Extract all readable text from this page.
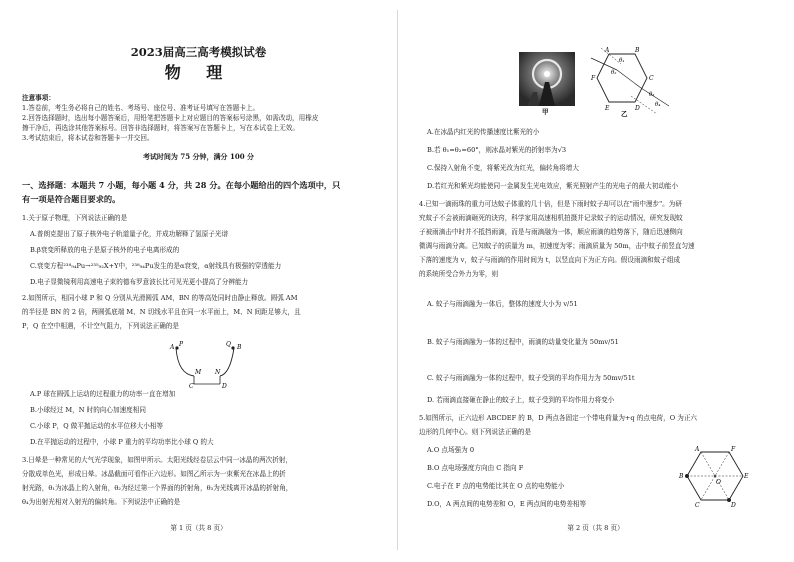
2023届高三高考模拟试卷
物 理
注意事项：
1.答卷前，考生务必将自己的姓名、考场号、座位号、准考证号填写在答题卡上。
2.回答选择题时，选出每小题答案后，用铅笔把答题卡上对应题目的答案标号涂黑，如需改动，用橡皮
擦干净后，再选涂其他答案标号。回答非选择题时，将答案写在答题卡上，写在本试卷上无效。
3.考试结束后，将本试卷和答题卡一并交回。
考试时间为 75 分钟，满分 100 分
一、选择题：本题共 7 小题，每小题 4 分，共 28 分。在每小题给出的四个选项中，只
有一项是符合题目要求的。
1.关于原子物理，下列说法正确的是
A.普朗克提出了原子核外电子轨道量子化，并成功解释了氢原子光谱
B.β衰变所释放的电子是原子核外的电子电离形成的
C.衰变方程²³⁸₉₄Pu→²³⁵₉₂X+Y中，²³⁸₉₄Pu发生的是α衰变，α射线具有极强的穿透能力
D.电子显微镜利用高速电子束的德布罗意波长比可见光更小提高了分辨能力
2.如图所示，相同小球 P 和 Q 分别从光滑圆弧 AM，BN 的等高处同时由静止释放。圆弧 AM
的半径是 BN 的 2 倍，两圆弧底端 M、N 切线水平且在同一水平面上，M、N 间距足够大，且
P，Q 在空中相遇，不计空气阻力，下列说法正确的是
A P	Q B
M N
C	D
A.P 球在圆弧上运动的过程重力的功率一直在增加
B.小球经过 M，N 时的向心加速度相同
C.小球 P，Q 做平抛运动的水平位移大小相等
D.在平抛运动的过程中，小球 P 重力的平均功率比小球 Q 的大
3.日晕是一种常见的大气光学现象，如图甲所示。太阳光线经卷层云中同一冰晶的两次折射，
分散成单色光，形成日晕。冰晶截面可看作正六边形。如图乙所示为一束紫光在冰晶上的折
射光路，θ₁为冰晶上的入射角，θ₂为经过第一个界面的折射角，θ₃为光线离开冰晶的折射角，
θ₄为出射光相对入射光的偏转角。下列说法中正确的是
第 1 页（共 8 页）
甲
A	B
C
D
E
F
θ₁
θ₂
θ₃
θ₄
乙
A.在冰晶内红光的传播速度比紫光的小
B.若 θ₁=θ₂=60°，则冰晶对紫光的折射率为√3
C.保持入射角不变，将紫光改为红光，偏转角将增大
D.若红光和紫光均能使同一金属发生光电效应，紫光照射产生的光电子的最大初动能小
4.已知一滴雨珠的重力可达蚊子体重的几十倍，但是下雨时蚊子却可以在"雨中漫步"。为研
究蚊子不会被雨滴砸死的诀窍，科学家用高速相机拍摄并记录蚊子的运动情况，研究发现蚊
子被雨滴击中时并不抵挡雨滴，而是与雨滴融为一体，顺应雨滴的趋势落下，随后迅速侧向
微调与雨滴分离。已知蚊子的质量为 m，初速度为零；雨滴质量为 50m，击中蚊子前竖直匀速
下落的速度为 v，蚊子与雨滴的作用时间为 t，以竖直向下为正方向。假设雨滴和蚊子组成
的系统所受合外力为零，则
A. 蚊子与雨滴融为一体后，整体的速度大小为 v/51
B. 蚊子与雨滴融为一体的过程中，雨滴的动量变化量为 50mv/51
C. 蚊子与雨滴融为一体的过程中，蚊子受到的平均作用力为 50mv/51t
D. 若雨滴直接砸在静止的蚊子上，蚊子受到的平均作用力将变小
5.如图所示，正六边形 ABCDEF 的 B，D 两点各固定一个带电荷量为+q 的点电荷，O 为正六
边形的几何中心。则下列说法正确的是
A.O 点场强为 0
B.O 点电场强度方向由 C 指向 F
C.电子在 F 点的电势能比其在 O 点的电势能小
D.O，A 两点间的电势差和 O，E 两点间的电势差相等
A	F
E
D
C
B
O
第 2 页（共 8 页）
